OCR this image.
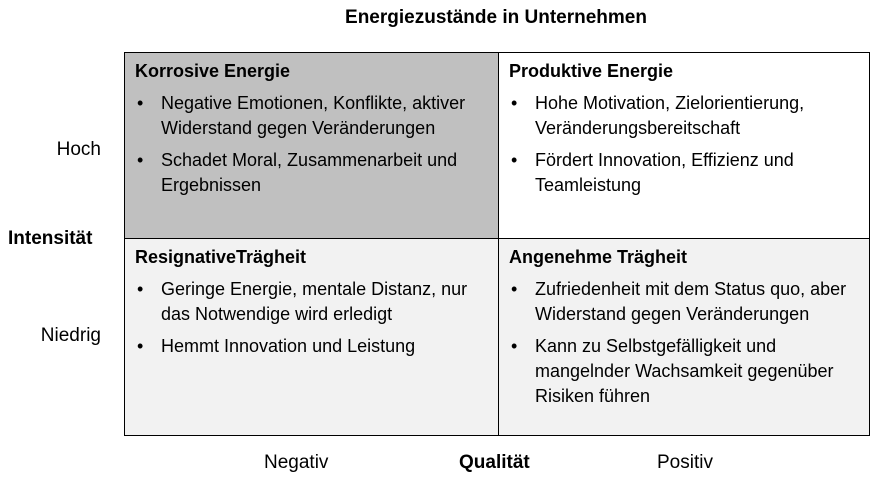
Energiezustände in Unternehmen
Intensität
Hoch
Niedrig
Korrosive Energie
• Negative Emotionen, Konflikte, aktiver Widerstand gegen Veränderungen
• Schadet Moral, Zusammenarbeit und Ergebnissen
Produktive Energie
• Hohe Motivation, Zielorientierung, Veränderungsbereitschaft
• Fördert Innovation, Effizienz und Teamleistung
ResignativeTrägheit
• Geringe Energie, mentale Distanz, nur das Notwendige wird erledigt
• Hemmt Innovation und Leistung
Angenehme Trägheit
• Zufriedenheit mit dem Status quo, aber Widerstand gegen Veränderungen
• Kann zu Selbstgefälligkeit und mangelnder Wachsamkeit gegenüber Risiken führen
Negativ	Qualität	Positiv
